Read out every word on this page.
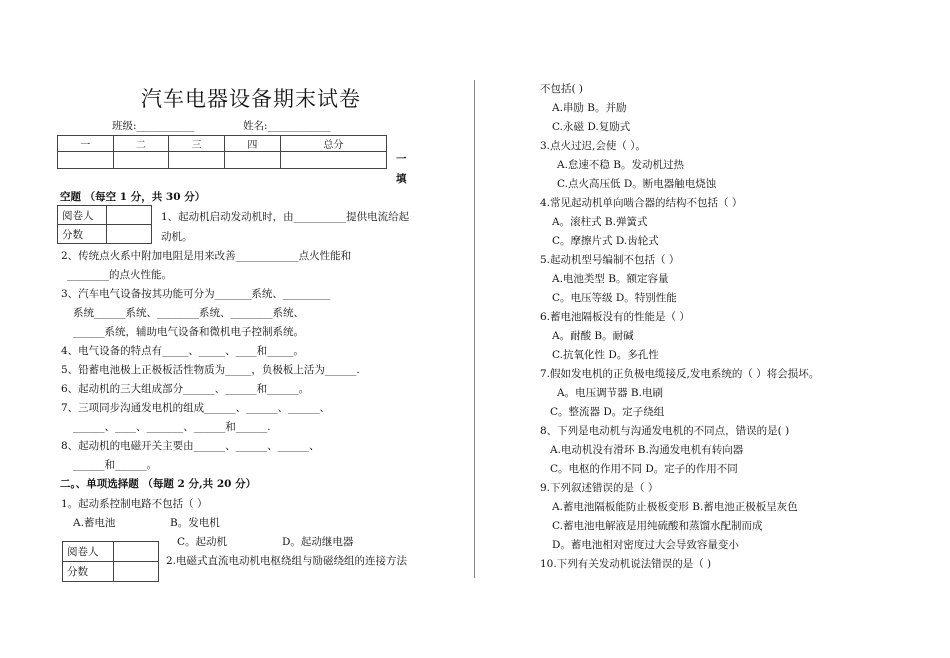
汽车电器设备期末试卷
班级:___________	姓名:____________
一	二	三	四	总分

一
填
空题 （每空 1 分，共 30 分）
阅卷人	
分数	
1、起动机启动发动机时，由__________提供电流给起
动机。
2、传统点火系中附加电阻是用来改善____________点火性能和
________的点火性能。
3、汽车电气设备按其功能可分为_______系统、_________
系统______系统、________系统、________系统、
______系统，辅助电气设备和微机电子控制系统。
4、电气设备的特点有_____、_____、____和_____。
5、铅蓄电池极上正极板活性物质为_____，负极板上活为______.
6、起动机的三大组成部分______、______和______。
7、三项同步沟通发电机的组成______、______、______、
______、____、_______、______和______.
8、起动机的电磁开关主要由______、______、______、
______和______。
二。、单项选择题 （每题 2 分,共 20 分）
1。起动系控制电路不包括（ ）
A.蓄电池	B。发电机
C。起动机	D。起动继电器
阅卷人	
分数	
2.电磁式直流电动机电枢绕组与励磁绕组的连接方法
不包括( )
A.串励 B。并励
C.永磁 D.复励式
3.点火过迟,会使（ ）。
A.怠速不稳 B。发动机过热
C.点火高压低 D。断电器触电烧蚀
4.常见起动机单向啮合器的结构不包括（ ）
A。滚柱式 B.弹簧式
C。摩擦片式 D.齿轮式
5.起动机型号编制不包括（ ）
A.电池类型 B。额定容量
C。电压等级 D。特别性能
6.蓄电池隔板没有的性能是（ ）
A。耐酸 B。耐碱
C.抗氧化性 D。多孔性
7.假如发电机的正负极电缆接反,发电系统的（ ）将会损坏。
A。电压调节器 B.电刷
C。整流器 D。定子绕组
8、下列是电动机与沟通发电机的不同点，错误的是( )
A.电动机没有滑环 B.沟通发电机有转向器
C。电枢的作用不同 D。定子的作用不同
9.下列叙述错误的是（ ）
A.蓄电池隔板能防止极板变形 B.蓄电池正极板呈灰色
C.蓄电池电解液是用纯硫酸和蒸馏水配制而成
D。蓄电池相对密度过大会导致容量变小
10.下列有关发动机说法错误的是（ )
